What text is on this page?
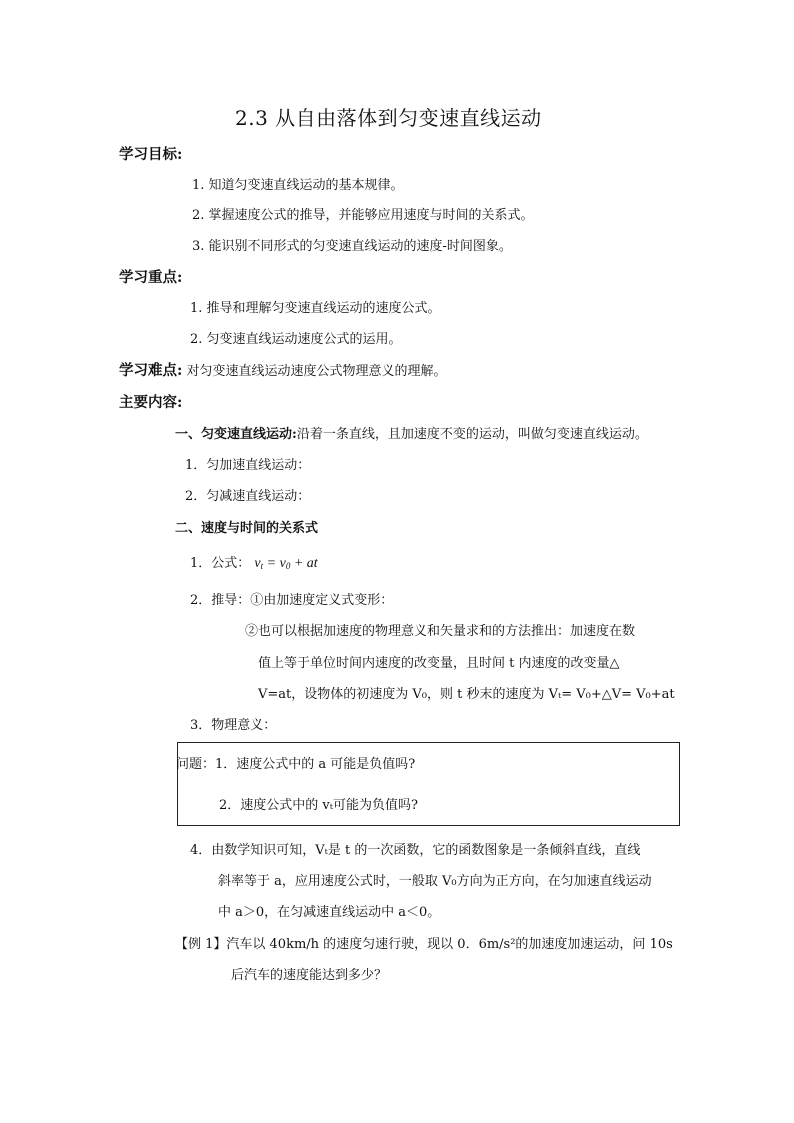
2.3 从自由落体到匀变速直线运动
学习目标:
1. 知道匀变速直线运动的基本规律。
2. 掌握速度公式的推导，并能够应用速度与时间的关系式。
3. 能识别不同形式的匀变速直线运动的速度-时间图象。
学习重点:
1. 推导和理解匀变速直线运动的速度公式。
2. 匀变速直线运动速度公式的运用。
学习难点: 对匀变速直线运动速度公式物理意义的理解。
主要内容:
一、匀变速直线运动:沿着一条直线，且加速度不变的运动，叫做匀变速直线运动。
1．匀加速直线运动：
2．匀减速直线运动：
二、速度与时间的关系式
1．公式： $v_t = v_0$ + at
2．推导：①由加速度定义式变形：
②也可以根据加速度的物理意义和矢量求和的方法推出：加速度在数
值上等于单位时间内速度的改变量，且时间 t 内速度的改变量△
V=at，设物体的初速度为 V₀，则 t 秒末的速度为 Vₜ= V₀+△V= V₀+at
3．物理意义：
问题：1．速度公式中的 a 可能是负值吗?
2．速度公式中的 vₜ可能为负值吗?
4．由数学知识可知，Vₜ是 t 的一次函数，它的函数图象是一条倾斜直线，直线
斜率等于 a，应用速度公式时，一般取 V₀方向为正方向，在匀加速直线运动
中 a＞0，在匀减速直线运动中 a＜0。
【例 1】汽车以 40km/h 的速度匀速行驶，现以 0．6m/s²的加速度加速运动，问 10s
后汽车的速度能达到多少？
